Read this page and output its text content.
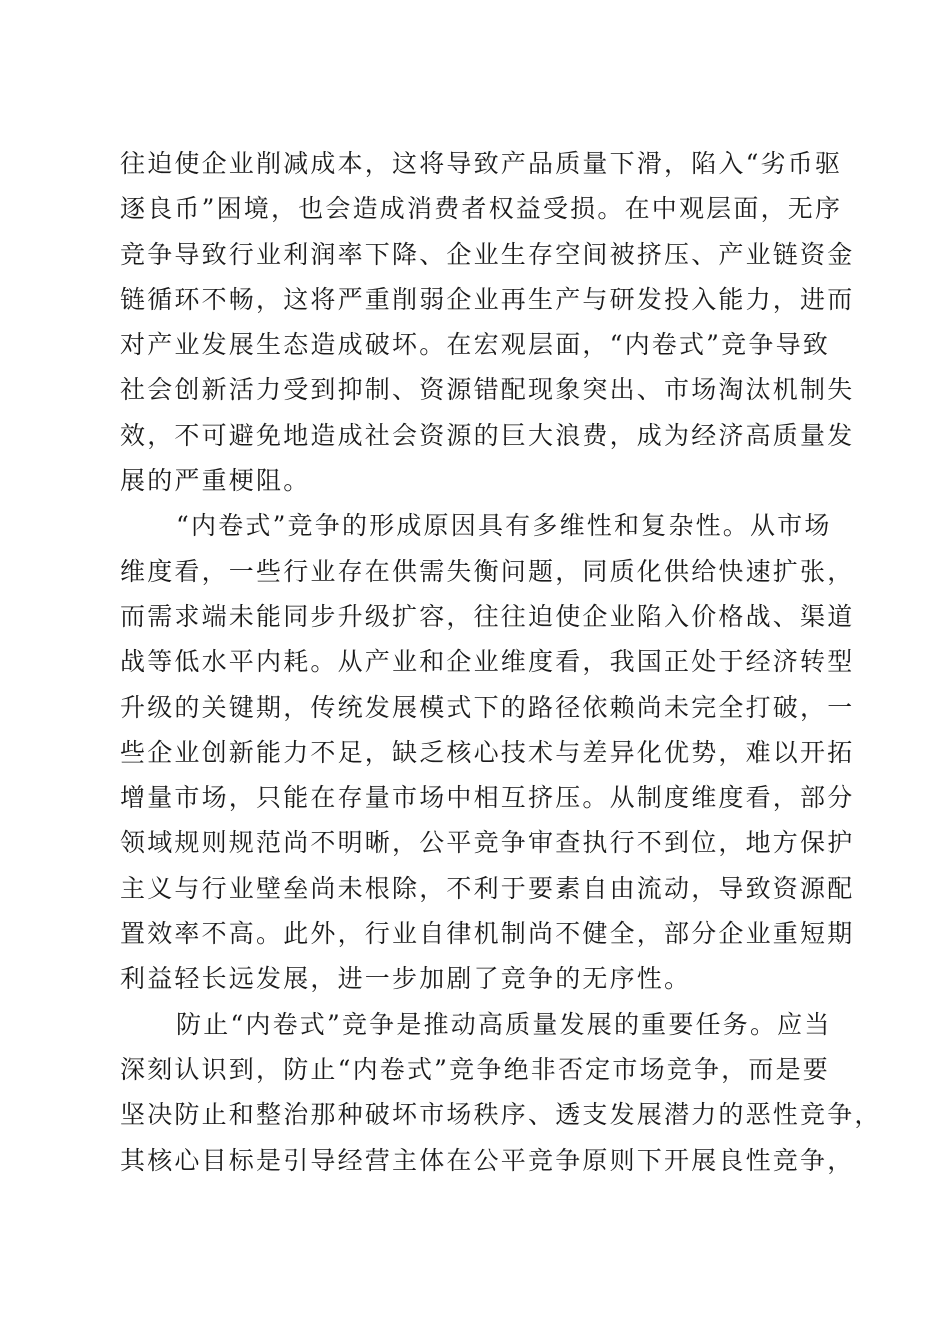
往迫使企业削减成本，这将导致产品质量下滑，陷入“劣币驱
逐良币”困境，也会造成消费者权益受损。在中观层面，无序
竞争导致行业利润率下降、企业生存空间被挤压、产业链资金
链循环不畅，这将严重削弱企业再生产与研发投入能力，进而
对产业发展生态造成破坏。在宏观层面，“内卷式”竞争导致
社会创新活力受到抑制、资源错配现象突出、市场淘汰机制失
效，不可避免地造成社会资源的巨大浪费，成为经济高质量发
展的严重梗阻。
“内卷式”竞争的形成原因具有多维性和复杂性。从市场
维度看，一些行业存在供需失衡问题，同质化供给快速扩张，
而需求端未能同步升级扩容，往往迫使企业陷入价格战、渠道
战等低水平内耗。从产业和企业维度看，我国正处于经济转型
升级的关键期，传统发展模式下的路径依赖尚未完全打破，一
些企业创新能力不足，缺乏核心技术与差异化优势，难以开拓
增量市场，只能在存量市场中相互挤压。从制度维度看，部分
领域规则规范尚不明晰，公平竞争审查执行不到位，地方保护
主义与行业壁垒尚未根除，不利于要素自由流动，导致资源配
置效率不高。此外，行业自律机制尚不健全，部分企业重短期
利益轻长远发展，进一步加剧了竞争的无序性。
防止“内卷式”竞争是推动高质量发展的重要任务。应当
深刻认识到，防止“内卷式”竞争绝非否定市场竞争，而是要
坚决防止和整治那种破坏市场秩序、透支发展潜力的恶性竞争，
其核心目标是引导经营主体在公平竞争原则下开展良性竞争，
